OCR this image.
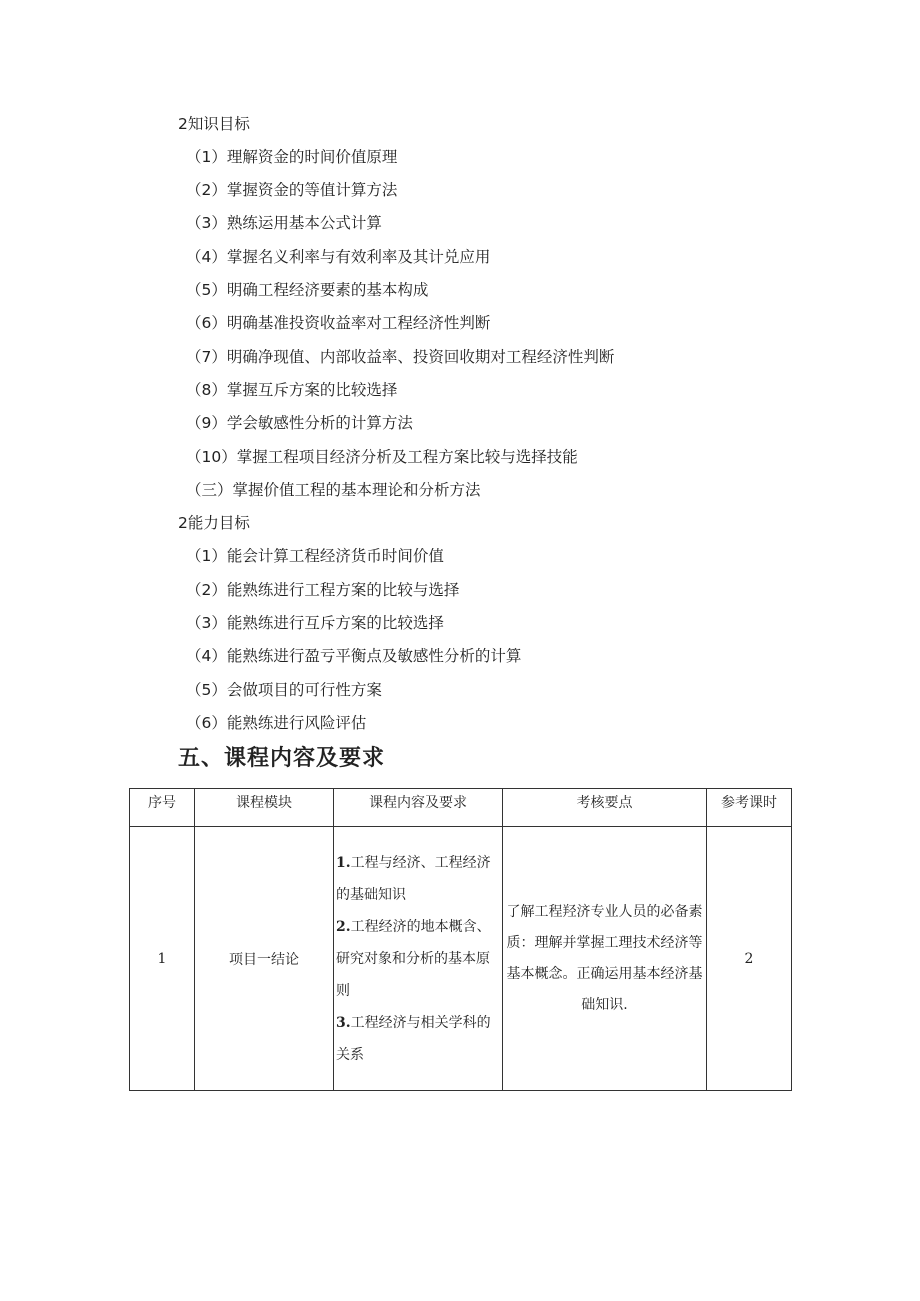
2知识目标
（1）理解资金的时间价值原理
（2）掌握资金的等值计算方法
（3）熟练运用基本公式计算
（4）掌握名义利率与有效利率及其计兑应用
（5）明确工程经济要素的基本构成
（6）明确基准投资收益率对工程经济性判断
（7）明确净现值、内部收益率、投资回收期对工程经济性判断
（8）掌握互斥方案的比较选择
（9）学会敏感性分析的计算方法
（10）掌握工程项目经济分析及工程方案比较与选择技能
（三）掌握价值工程的基本理论和分析方法
2能力目标
（1）能会计算工程经济货币时间价值
（2）能熟练进行工程方案的比较与选择
（3）能熟练进行互斥方案的比较选择
（4）能熟练进行盈亏平衡点及敏感性分析的计算
（5）会做项目的可行性方案
（6）能熟练进行风险评估
五、课程内容及要求
序号	课程模块	课程内容及要求	考核要点	参考课时
1	项目一结论	1.工程与经济、工程经济的基础知识
2.工程经济的地本概含、研究对象和分析的基本原则
3.工程经济与相关学科的关系	了解工程羟济专业人员的必备素质：理解并掌握工理技术经济等基本概念。正确运用基本经济基础知识.	2
